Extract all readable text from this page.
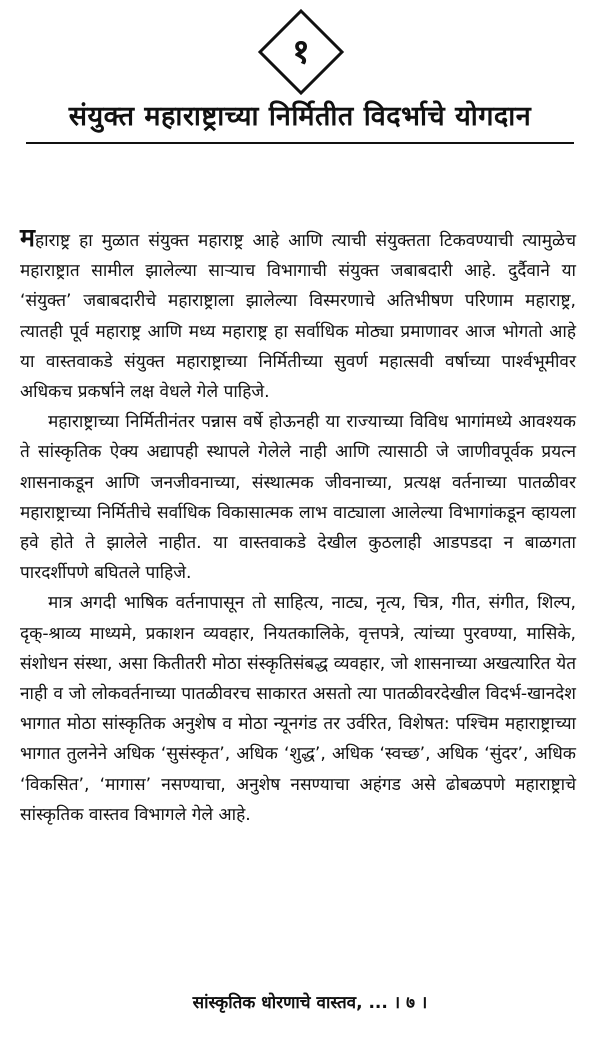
१
संयुक्त महाराष्ट्राच्या निर्मितीत विदर्भाचे योगदान

महाराष्ट्र हा मुळात संयुक्त महाराष्ट्र आहे आणि त्याची संयुक्तता टिकवण्याची त्यामुळेच महाराष्ट्रात सामील झालेल्या साऱ्याच विभागाची संयुक्त जबाबदारी आहे. दुर्दैवाने या ‘संयुक्त’ जबाबदारीचे महाराष्ट्राला झालेल्या विस्मरणाचे अतिभीषण परिणाम महाराष्ट्र, त्यातही पूर्व महाराष्ट्र आणि मध्य महाराष्ट्र हा सर्वाधिक मोठ्या प्रमाणावर आज भोगतो आहे या वास्तवाकडे संयुक्त महाराष्ट्राच्या निर्मितीच्या सुवर्ण महात्सवी वर्षाच्या पार्श्वभूमीवर अधिकच प्रकर्षाने लक्ष वेधले गेले पाहिजे.

महाराष्ट्राच्या निर्मितीनंतर पन्नास वर्षे होऊनही या राज्याच्या विविध भागांमध्ये आवश्यक ते सांस्कृतिक ऐक्य अद्यापही स्थापले गेलेले नाही आणि त्यासाठी जे जाणीवपूर्वक प्रयत्न शासनाकडून आणि जनजीवनाच्या, संस्थात्मक जीवनाच्या, प्रत्यक्ष वर्तनाच्या पातळीवर महाराष्ट्राच्या निर्मितीचे सर्वाधिक विकासात्मक लाभ वाट्याला आलेल्या विभागांकडून व्हायला हवे होते ते झालेले नाहीत. या वास्तवाकडे देखील कुठलाही आडपडदा न बाळगता पारदर्शीपणे बघितले पाहिजे.

मात्र अगदी भाषिक वर्तनापासून तो साहित्य, नाट्य, नृत्य, चित्र, गीत, संगीत, शिल्प, दृक्-श्राव्य माध्यमे, प्रकाशन व्यवहार, नियतकालिके, वृत्तपत्रे, त्यांच्या पुरवण्या, मासिके, संशोधन संस्था, असा कितीतरी मोठा संस्कृतिसंबद्ध व्यवहार, जो शासनाच्या अखत्यारित येत नाही व जो लोकवर्तनाच्या पातळीवरच साकारत असतो त्या पातळीवरदेखील विदर्भ-खानदेश भागात मोठा सांस्कृतिक अनुशेष व मोठा न्यूनगंड तर उर्वरित, विशेषत: पश्चिम महाराष्ट्राच्या भागात तुलनेने अधिक ‘सुसंस्कृत’, अधिक ‘शुद्ध’, अधिक ‘स्वच्छ’, अधिक ‘सुंदर’, अधिक ‘विकसित’, ‘मागास’ नसण्याचा, अनुशेष नसण्याचा अहंगड असे ढोबळपणे महाराष्ट्राचे सांस्कृतिक वास्तव विभागले गेले आहे.

सांस्कृतिक धोरणाचे वास्तव, ... । ७ ।
